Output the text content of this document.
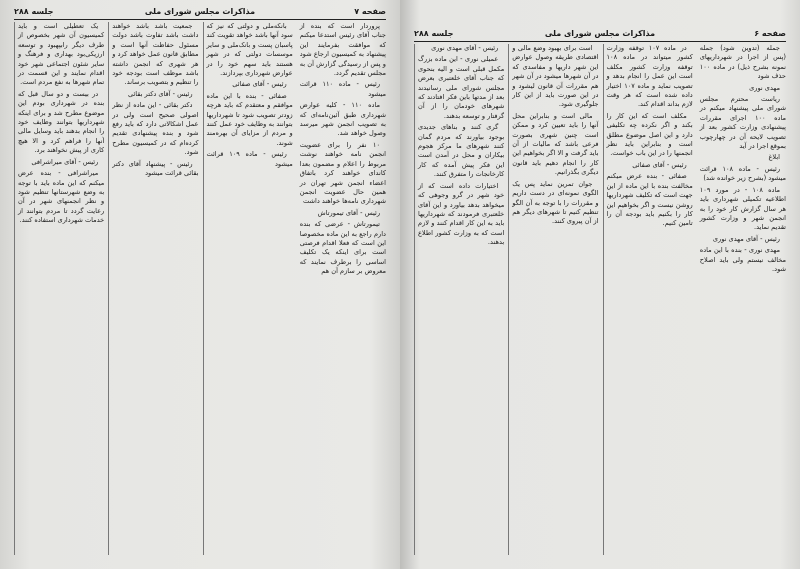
صفحه ۷
مذاکرات مجلس شورای ملی
جلسه ۲۸۸

یک تعطیلی است و باید کمیسیون آن شهر بخصوص از طرف دیگر رابپهبود و توسعه ارزیکی‌بود بهداری و فرهنگ و سایر شئون اجتماعی شهر خود اقدام نمایند و این قسمت در تمام شهرها به نفع مردم است.

در بیست و دو سال قبل که بنده در شهرداری بودم این موضوع مطرح شد و برای اینکه شهرداریها بتوانند وظایف خود را انجام بدهند باید وسایل مالی آنها را فراهم کرد و الا هیچ کاری از پیش نخواهند برد.

رئیس - آقای میراشرافی

میراشرافی - بنده عرض میکنم که این ماده باید با توجه به وضع شهرستانها تنظیم شود و نظر انجمنهای شهر در آن رعایت گردد تا مردم بتوانند از خدمات شهرداری استفاده کنند.

جمعیت باشد باشد خواهند داشت باشد تفاوت باشد دولت مسئول حفاظت آنها است و مطابق قانون عمل خواهد کرد و هر شهری که انجمن داشته باشد موظف است بودجه خود را تنظیم و بتصویب برساند.

رئیس - آقای دکتر بقائی

دکتر بقائی - این ماده از نظر اصولی صحیح است ولی در عمل اشکالاتی دارد که باید رفع شود و بنده پیشنهادی تقدیم کرده‌ام که در کمیسیون مطرح شود.

رئیس - پیشنهاد آقای دکتر بقائی قرائت میشود

بانکه‌ملی و دولتی که نیز که سود آنها باشد خواهد تقویت کند پاسبان پست و بانک‌ملی و سایر موسسات دولتی که در شهر هستند باید سهم خود را در عوارض شهرداری بپردازند.

رئیس - آقای صفائی

صفائی - بنده با این ماده موافقم و معتقدم که باید هرچه زودتر تصویب شود تا شهرداریها بتوانند به وظایف خود عمل کنند و مردم از مزایای آن بهره‌مند شوند.

رئیس - ماده ۱۰۹ قرائت میشود

پروردار است که بنده از جناب آقای رئیس استدعا میکنم که موافقت بفرمایند این پیشنهاد به کمیسیون ارجاع شود و پس از رسیدگی گزارش آن به مجلس تقدیم گردد.

رئیس - ماده ۱۱۰ قرائت میشود

ماده ۱۱۰ - کلیه عوارض شهرداری طبق آئین‌نامه‌ای که به تصویب انجمن شهر میرسد وصول خواهد شد.

۱۰ نفر را برای عضویت انجمن نامه خواهند نوشت مربوط را اعلام و مضمون بعدا کاندای خواهند کرد باتفاق اعضاء انجمن شهر تهران در همین حال عضویت انجمن شهرداری نامه‌ها خواهند داشت

رئیس - آقای تیمورتاش

تیمورتاش - عرضی که بنده دارم راجع به این ماده مخصوصا این است که فعلا اقدام فرصتی است برای اینکه یک تکلیف اساسی را برطرف نمایند که معروض بر سازم آن هم

صفحه ۶
مذاکرات مجلس شورای ملی
جلسه ۲۸۸

رئیس - آقای مهدی نوری

عمیلی نوری - این ماده بزرگ مکمل قبلی است و الیه بنحوی که جناب آقای خلعتبری بعرض مجلس شورای ملی رسانیدند بعد از مدتها باین فکر افتادند که شهرهای خودمان را از آن گرفتار و توسعه بدهند.

گری کنند و بناهای جدیدی بوجود بیاورند که مردم گمان کنند شهرهای ما مرکز هجوم بیکاران و محل در آمدن است این فکر پیش آمده که کار کارخانجات را متفرق کنند.

اختیارات داده است که از خود شهر در گرو وجوهی که میخواهد بدهد بیاورد و این آقای خلعتبری فرمودند که شهرداریها باید به این کار اقدام کنند و لازم است که به وزارت کشور اطلاع بدهند.

است برای بهبود وضع مالی و اقتصادی طریقه وصول عوارض این شهر داریها و مفاسدی که در آن شهرها میشود در آن شهر هم مقررات آن قانون لیشود و در این صورت باید از این کار جلوگیری شود.

مالی است و بنابراین محل آنها را باید تعیین کرد و ممکن است چنین شهری بصورت فرعی باشد که مالیات از آن باید گرفت و الا اگر بخواهیم این کار را انجام دهیم باید قانون دیگری بگذرانیم.

جوان تمرین نماید پس یک الگوی نمونه‌ای در دست داریم و مقررات را با توجه به آن الگو تنظیم کنیم تا شهرهای دیگر هم از آن پیروی کنند.

در ماده ۱۰۷ توقفه وزارت کشور میتواند در ماده ۱۰۸ توقفه وزارت کشور مکلف است این عمل را انجام بدهد و تصویب نماید و ماده ۱۰۷ اختیار داده شده است که هر وقت لازم بداند اقدام کند.

مکلف است که این کار را بکند و اگر نکرده چه تکلیفی دارد و این اصل موضوع مطلق است و بنابراین باید نظر انجمنها را در این باب خواست.

رئیس - آقای صفائی

صفائی - بنده عرض میکنم مخالفت بنده با این ماده از این جهت است که تکلیف شهرداریها روشن نیست و اگر بخواهیم این کار را بکنیم باید بودجه آن را تامین کنیم.

جمله (تدوین شود) جمله (پس از اجرا در شهرداریهای نمونه بشرح ذیل) در ماده ۱۰۰ حذف شود

مهدی نوری

ریاست محترم مجلس شورای ملی پیشنهاد میکنم در ماده ۱۰۰ اجرای مقررات پیشنهادی وزارت کشور بعد از تصویب لایحه آن در چهارچوب بموقع اجرا در آید

ابلاغ

رئیس - ماده ۱۰۸ قرائت میشود (بشرح زیر خوانده شد)

ماده ۱۰۸ - در مورد ۱۰۹ اطلاعیه تکمیلی شهرداری باید هر سال گزارش کار خود را به انجمن شهر و وزارت کشور تقدیم نماید.

رئیس - آقای مهدی نوری

مهدی نوری - بنده با این ماده مخالف نیستم ولی باید اصلاح شود.
